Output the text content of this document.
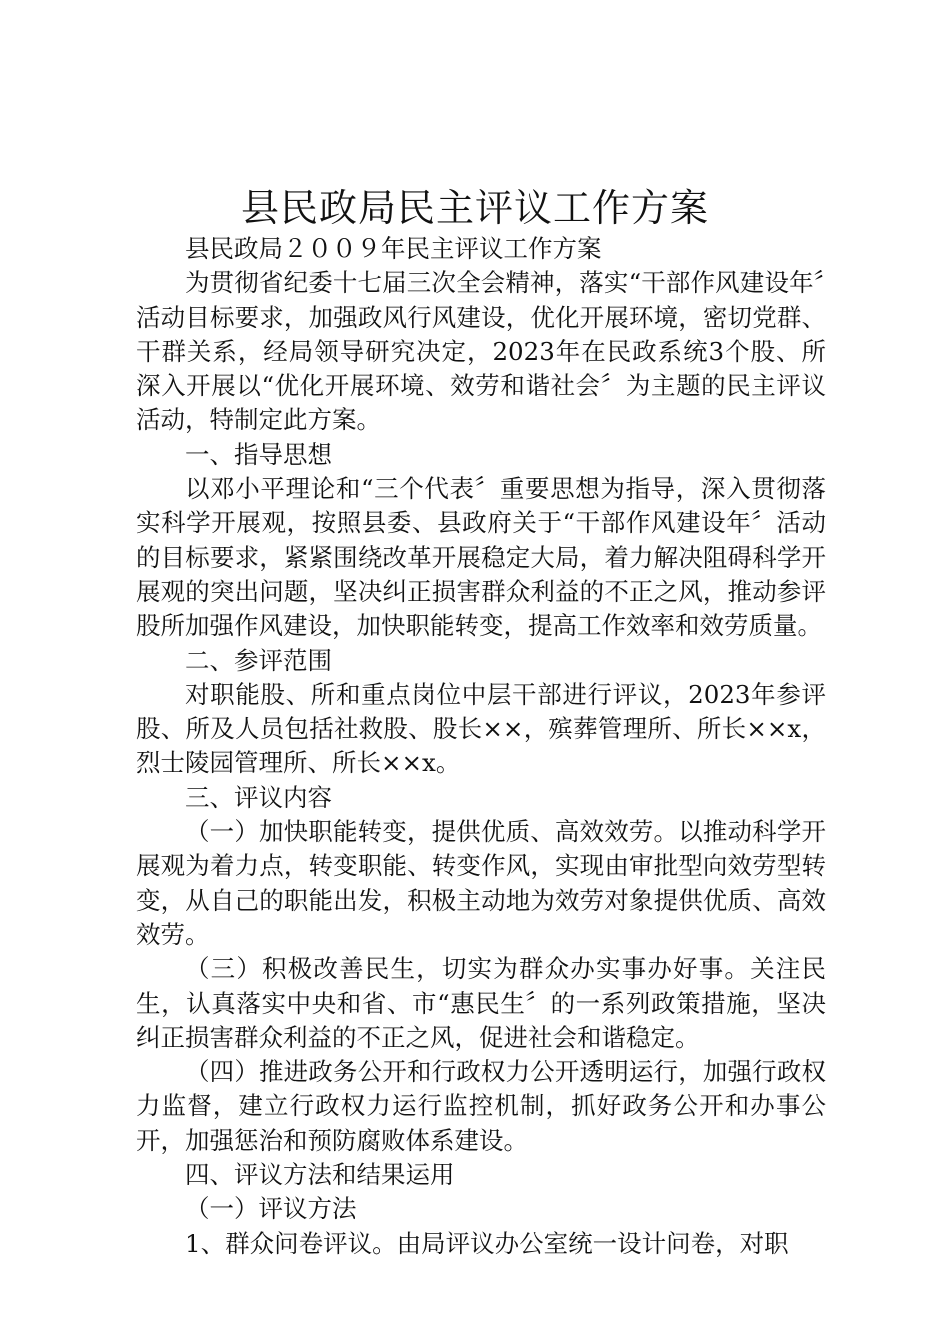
县民政局民主评议工作方案

县民政局２００９年民主评议工作方案

为贯彻省纪委十七届三次全会精神，落实“干部作风建设年〞活动目标要求，加强政风行风建设，优化开展环境，密切党群、干群关系，经局领导研究决定，2023年在民政系统3个股、所深入开展以“优化开展环境、效劳和谐社会〞为主题的民主评议活动，特制定此方案。

一、指导思想

以邓小平理论和“三个代表〞重要思想为指导，深入贯彻落实科学开展观，按照县委、县政府关于“干部作风建设年〞活动的目标要求，紧紧围绕改革开展稳定大局，着力解决阻碍科学开展观的突出问题，坚决纠正损害群众利益的不正之风，推动参评股所加强作风建设，加快职能转变，提高工作效率和效劳质量。

二、参评范围

对职能股、所和重点岗位中层干部进行评议，2023年参评股、所及人员包括社救股、股长××，殡葬管理所、所长××x，烈士陵园管理所、所长××x。

三、评议内容

（一）加快职能转变，提供优质、高效效劳。以推动科学开展观为着力点，转变职能、转变作风，实现由审批型向效劳型转变，从自己的职能出发，积极主动地为效劳对象提供优质、高效效劳。

（三）积极改善民生，切实为群众办实事办好事。关注民生，认真落实中央和省、市“惠民生〞的一系列政策措施，坚决纠正损害群众利益的不正之风，促进社会和谐稳定。

（四）推进政务公开和行政权力公开透明运行，加强行政权力监督，建立行政权力运行监控机制，抓好政务公开和办事公开，加强惩治和预防腐败体系建设。

四、评议方法和结果运用

（一）评议方法

1、群众问卷评议。由局评议办公室统一设计问卷，对职
